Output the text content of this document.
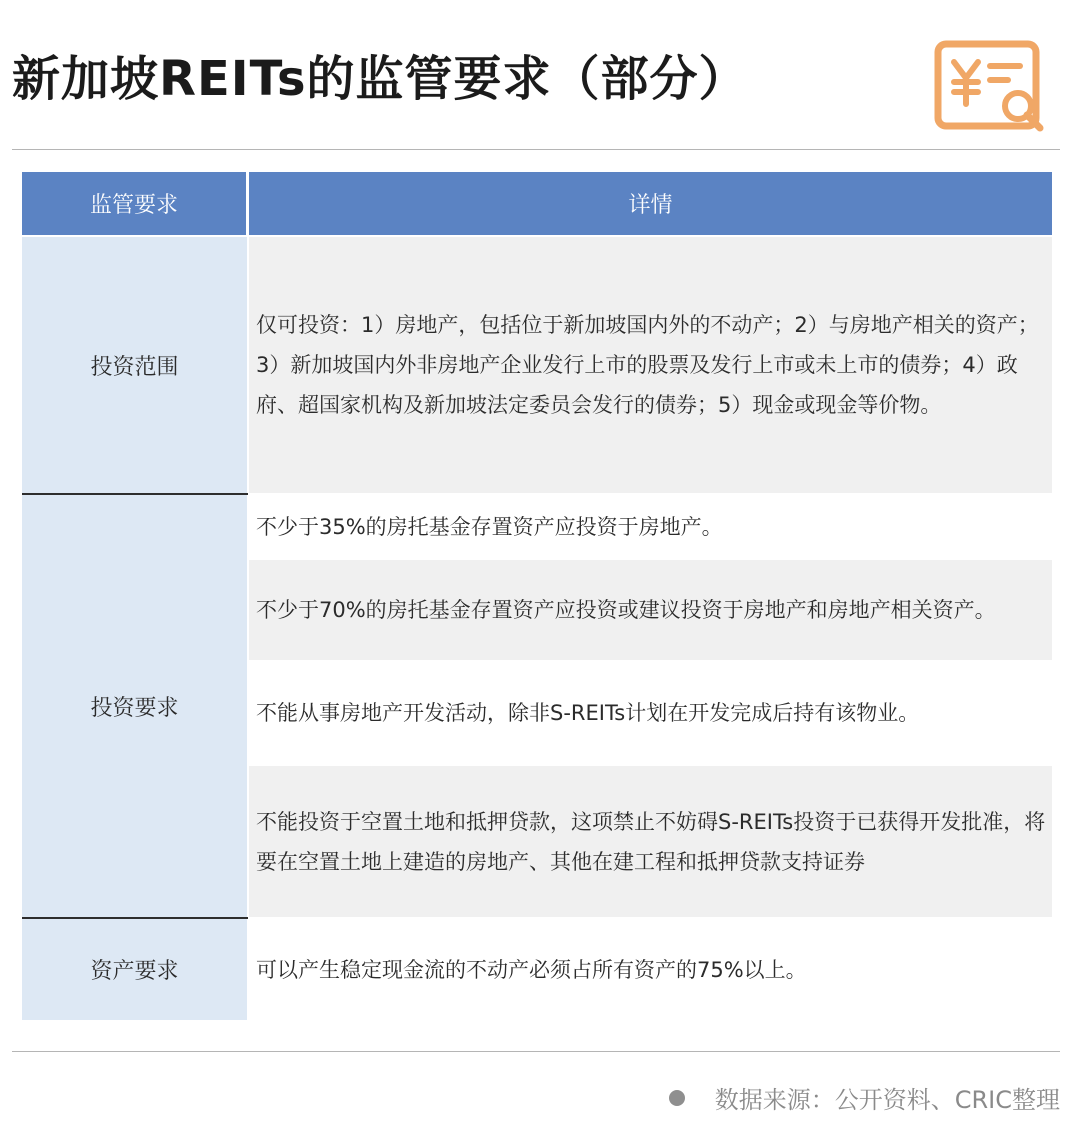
新加坡REITs的监管要求（部分）
监管要求	详情
投资范围
投资要求
资产要求
仅可投资：1）房地产，包括位于新加坡国内外的不动产；2）与房地产相关的资产；3）新加坡国内外非房地产企业发行上市的股票及发行上市或未上市的债券；4）政府、超国家机构及新加坡法定委员会发行的债券；5）现金或现金等价物。
不少于35%的房托基金存置资产应投资于房地产。
不少于70%的房托基金存置资产应投资或建议投资于房地产和房地产相关资产。
不能从事房地产开发活动，除非S-REITs计划在开发完成后持有该物业。
不能投资于空置土地和抵押贷款，这项禁止不妨碍S-REITs投资于已获得开发批准，将要在空置土地上建造的房地产、其他在建工程和抵押贷款支持证券
可以产生稳定现金流的不动产必须占所有资产的75%以上。
数据来源：公开资料、CRIC整理
